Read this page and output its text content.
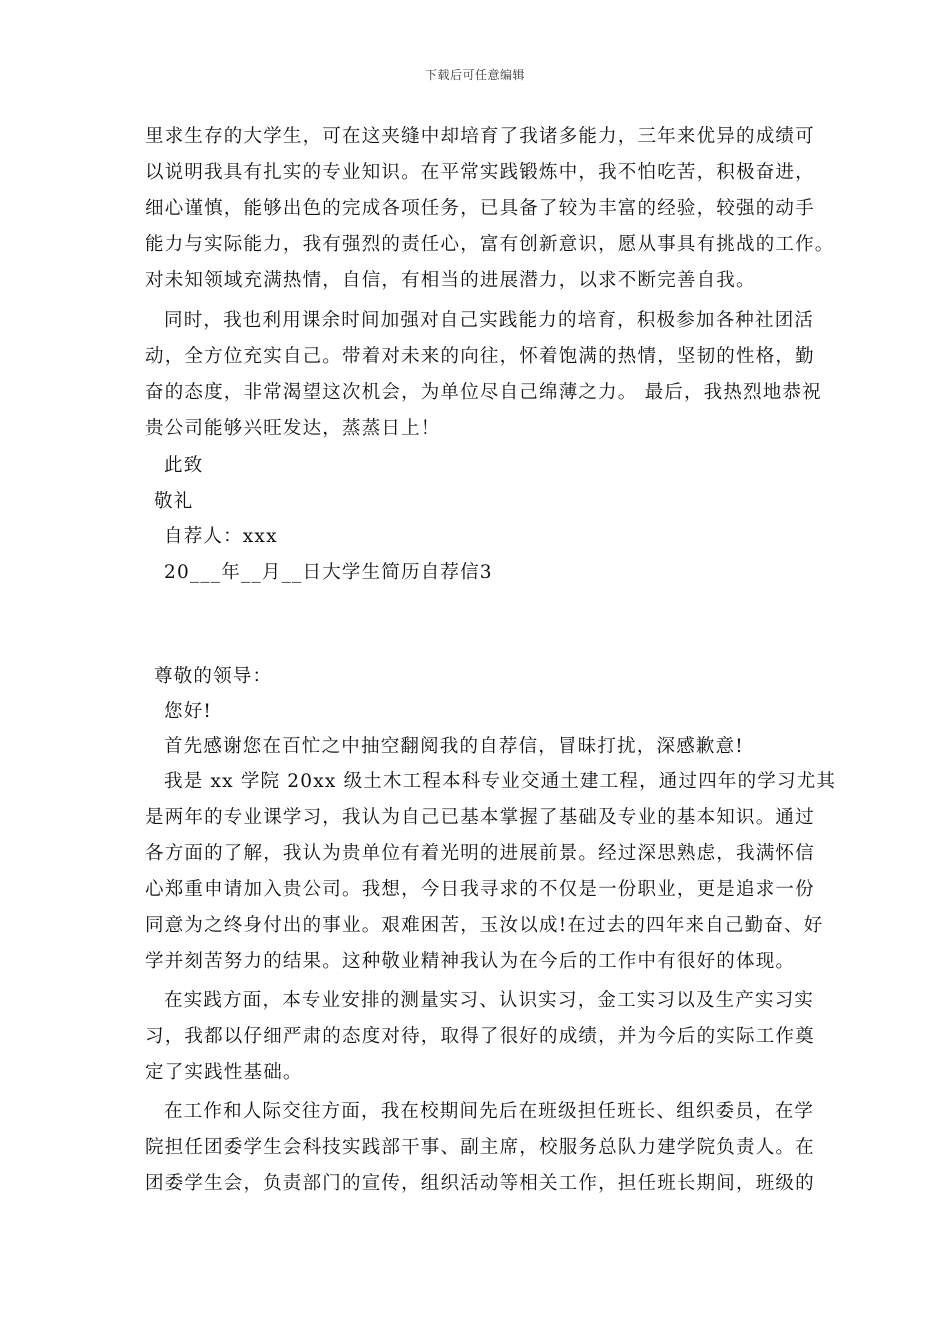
下载后可任意编辑
里求生存的大学生，可在这夹缝中却培育了我诸多能力，三年来优异的成绩可
以说明我具有扎实的专业知识。在平常实践锻炼中，我不怕吃苦，积极奋进，
细心谨慎，能够出色的完成各项任务，已具备了较为丰富的经验，较强的动手
能力与实际能力，我有强烈的责任心，富有创新意识，愿从事具有挑战的工作。
对未知领域充满热情，自信，有相当的进展潜力，以求不断完善自我。
同时，我也利用课余时间加强对自己实践能力的培育，积极参加各种社团活
动，全方位充实自己。带着对未来的向往，怀着饱满的热情，坚韧的性格，勤
奋的态度，非常渴望这次机会，为单位尽自己绵薄之力。 最后，我热烈地恭祝
贵公司能够兴旺发达，蒸蒸日上！
此致
敬礼
自荐人：xxx
20___年__月__日大学生简历自荐信3
尊敬的领导：
您好!
首先感谢您在百忙之中抽空翻阅我的自荐信，冒昧打扰，深感歉意!
我是 xx 学院 20xx 级土木工程本科专业交通土建工程，通过四年的学习尤其
是两年的专业课学习，我认为自己已基本掌握了基础及专业的基本知识。通过
各方面的了解，我认为贵单位有着光明的进展前景。经过深思熟虑，我满怀信
心郑重申请加入贵公司。我想，今日我寻求的不仅是一份职业，更是追求一份
同意为之终身付出的事业。艰难困苦，玉汝以成!在过去的四年来自己勤奋、好
学并刻苦努力的结果。这种敬业精神我认为在今后的工作中有很好的体现。
在实践方面，本专业安排的测量实习、认识实习，金工实习以及生产实习实
习，我都以仔细严肃的态度对待，取得了很好的成绩，并为今后的实际工作奠
定了实践性基础。
在工作和人际交往方面，我在校期间先后在班级担任班长、组织委员，在学
院担任团委学生会科技实践部干事、副主席，校服务总队力建学院负责人。在
团委学生会，负责部门的宣传，组织活动等相关工作，担任班长期间，班级的
